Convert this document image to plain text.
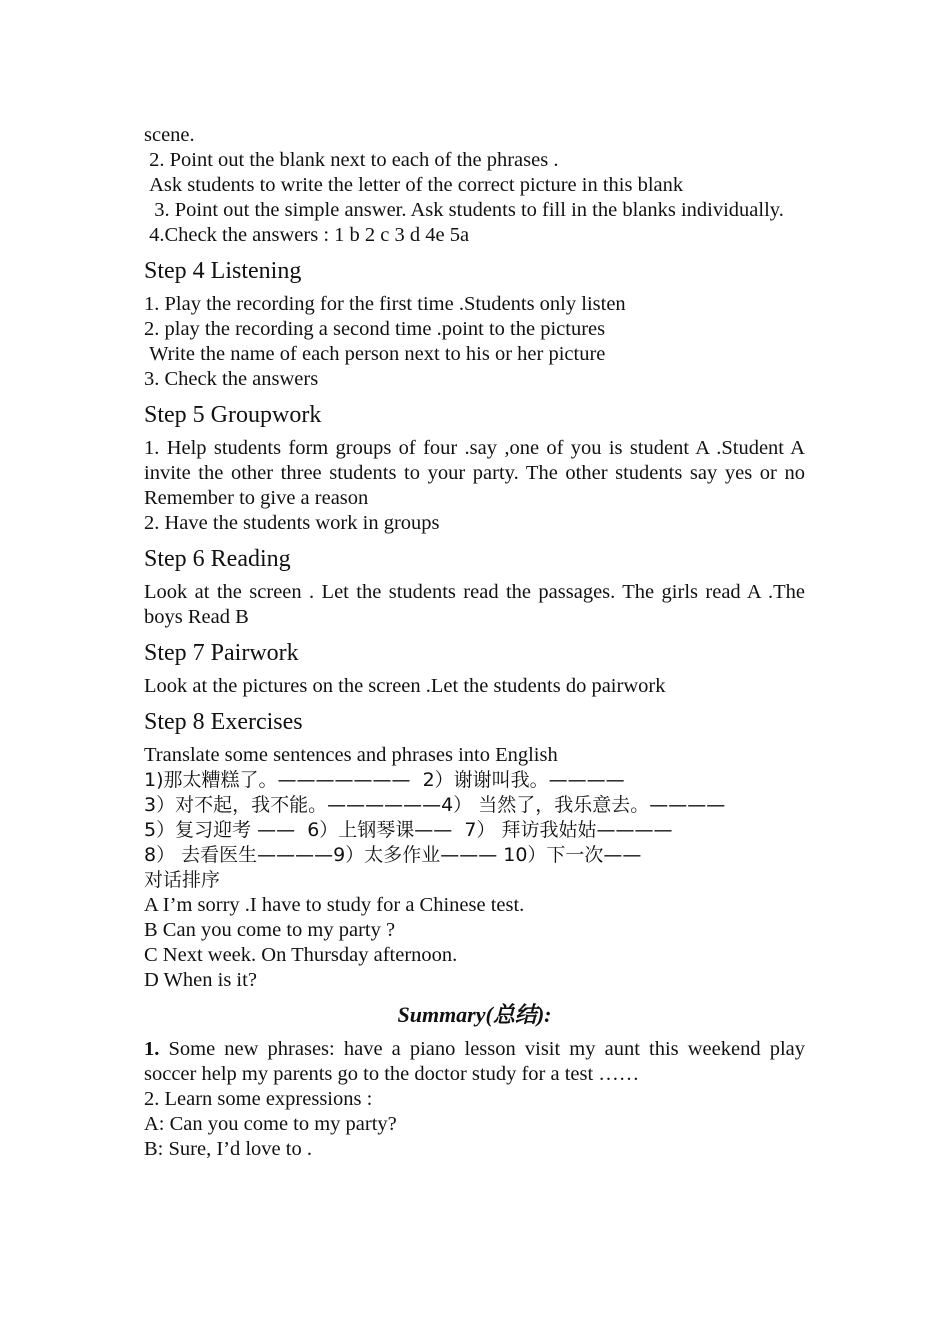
scene.

2. Point out the blank next to each of the phrases .

Ask students to write the letter of the correct picture in this blank

3. Point out the simple answer. Ask students to fill in the blanks individually.

4.Check the answers : 1 b 2 c 3 d 4e 5a

Step 4 Listening

1. Play the recording for the first time .Students only listen

2. play the recording a second time .point to the pictures

Write the name of each person next to his or her picture

3. Check the answers

Step 5 Groupwork

1. Help students form groups of four .say ,one of you is student A .Student A invite the other three students to your party. The other students say yes or no Remember to give a reason

2. Have the students work in groups

Step 6 Reading

Look at the screen . Let the students read the passages. The girls read A .The boys Read B

Step 7 Pairwork

Look at the pictures on the screen .Let the students do pairwork

Step 8 Exercises

Translate some sentences and phrases into English

1)那太糟糕了。———————  2）谢谢叫我。————

3）对不起，我不能。——————4） 当然了，我乐意去。————

5）复习迎考 ——  6）上钢琴课——  7） 拜访我姑姑————

8） 去看医生————9）太多作业——— 10）下一次——

对话排序

A I’m sorry .I have to study for a Chinese test.

B Can you come to my party ?

C Next week. On Thursday afternoon.

D When is it?

Summary(总结):

1. Some new phrases: have a piano lesson visit my aunt this weekend play soccer help my parents go to the doctor study for a test ……

2. Learn some expressions :

A: Can you come to my party?

B: Sure, I’d love to .
